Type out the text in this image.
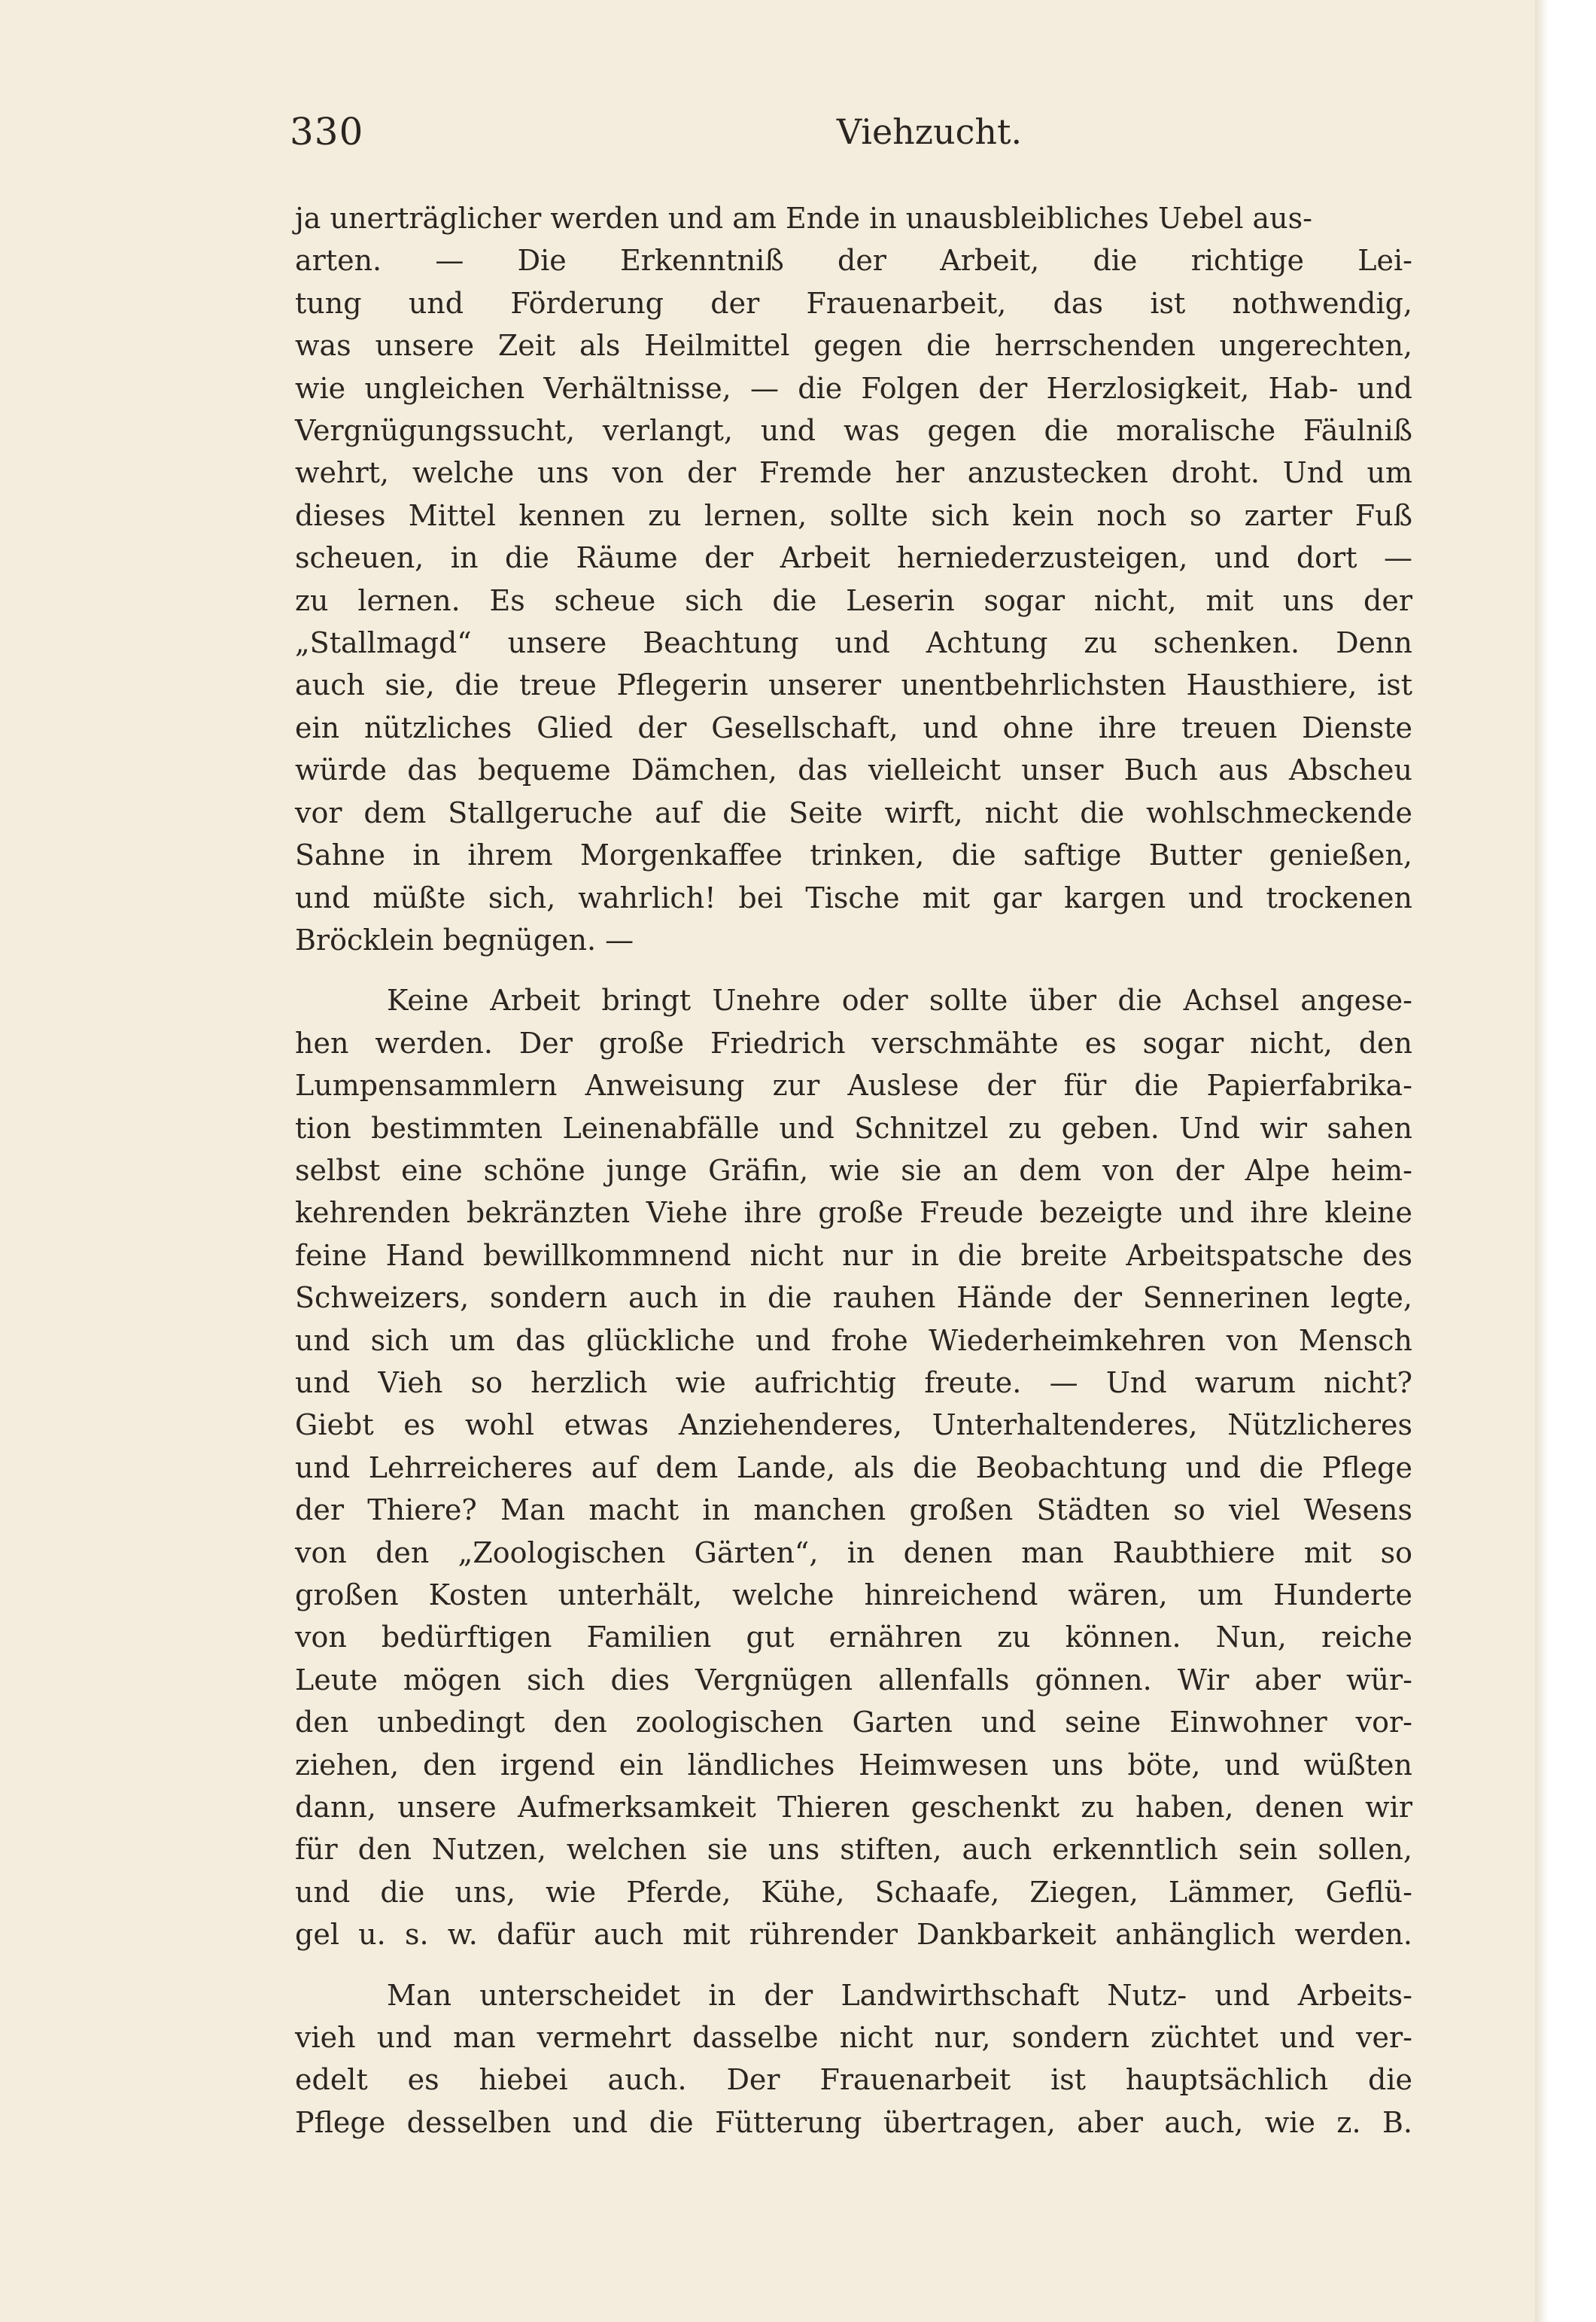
330	Viehzucht.

ja unerträglicher werden und am Ende in unausbleibliches Uebel aus-

arten. — Die Erkenntniß der Arbeit, die richtige Lei-

tung und Förderung der Frauenarbeit, das ist nothwendig,

was unsere Zeit als Heilmittel gegen die herrschenden ungerechten,

wie ungleichen Verhältnisse, — die Folgen der Herzlosigkeit, Hab- und

Vergnügungssucht, verlangt, und was gegen die moralische Fäulniß

wehrt, welche uns von der Fremde her anzustecken droht. Und um

dieses Mittel kennen zu lernen, sollte sich kein noch so zarter Fuß

scheuen, in die Räume der Arbeit herniederzusteigen, und dort —

zu lernen. Es scheue sich die Leserin sogar nicht, mit uns der

„Stallmagd“ unsere Beachtung und Achtung zu schenken. Denn

auch sie, die treue Pflegerin unserer unentbehrlichsten Hausthiere, ist

ein nützliches Glied der Gesellschaft, und ohne ihre treuen Dienste

würde das bequeme Dämchen, das vielleicht unser Buch aus Abscheu

vor dem Stallgeruche auf die Seite wirft, nicht die wohlschmeckende

Sahne in ihrem Morgenkaffee trinken, die saftige Butter genießen,

und müßte sich, wahrlich! bei Tische mit gar kargen und trockenen

Bröcklein begnügen. —

Keine Arbeit bringt Unehre oder sollte über die Achsel angese-

hen werden. Der große Friedrich verschmähte es sogar nicht, den

Lumpensammlern Anweisung zur Auslese der für die Papierfabrika-

tion bestimmten Leinenabfälle und Schnitzel zu geben. Und wir sahen

selbst eine schöne junge Gräfin, wie sie an dem von der Alpe heim-

kehrenden bekränzten Viehe ihre große Freude bezeigte und ihre kleine

feine Hand bewillkommnend nicht nur in die breite Arbeitspatsche des

Schweizers, sondern auch in die rauhen Hände der Sennerinen legte,

und sich um das glückliche und frohe Wiederheimkehren von Mensch

und Vieh so herzlich wie aufrichtig freute. — Und warum nicht?

Giebt es wohl etwas Anziehenderes, Unterhaltenderes, Nützlicheres

und Lehrreicheres auf dem Lande, als die Beobachtung und die Pflege

der Thiere? Man macht in manchen großen Städten so viel Wesens

von den „Zoologischen Gärten“, in denen man Raubthiere mit so

großen Kosten unterhält, welche hinreichend wären, um Hunderte

von bedürftigen Familien gut ernähren zu können. Nun, reiche

Leute mögen sich dies Vergnügen allenfalls gönnen. Wir aber wür-

den unbedingt den zoologischen Garten und seine Einwohner vor-

ziehen, den irgend ein ländliches Heimwesen uns böte, und wüßten

dann, unsere Aufmerksamkeit Thieren geschenkt zu haben, denen wir

für den Nutzen, welchen sie uns stiften, auch erkenntlich sein sollen,

und die uns, wie Pferde, Kühe, Schaafe, Ziegen, Lämmer, Geflü-

gel u. s. w. dafür auch mit rührender Dankbarkeit anhänglich werden.

Man unterscheidet in der Landwirthschaft Nutz- und Arbeits-

vieh und man vermehrt dasselbe nicht nur, sondern züchtet und ver-

edelt es hiebei auch. Der Frauenarbeit ist hauptsächlich die

Pflege desselben und die Fütterung übertragen, aber auch, wie z. B.
